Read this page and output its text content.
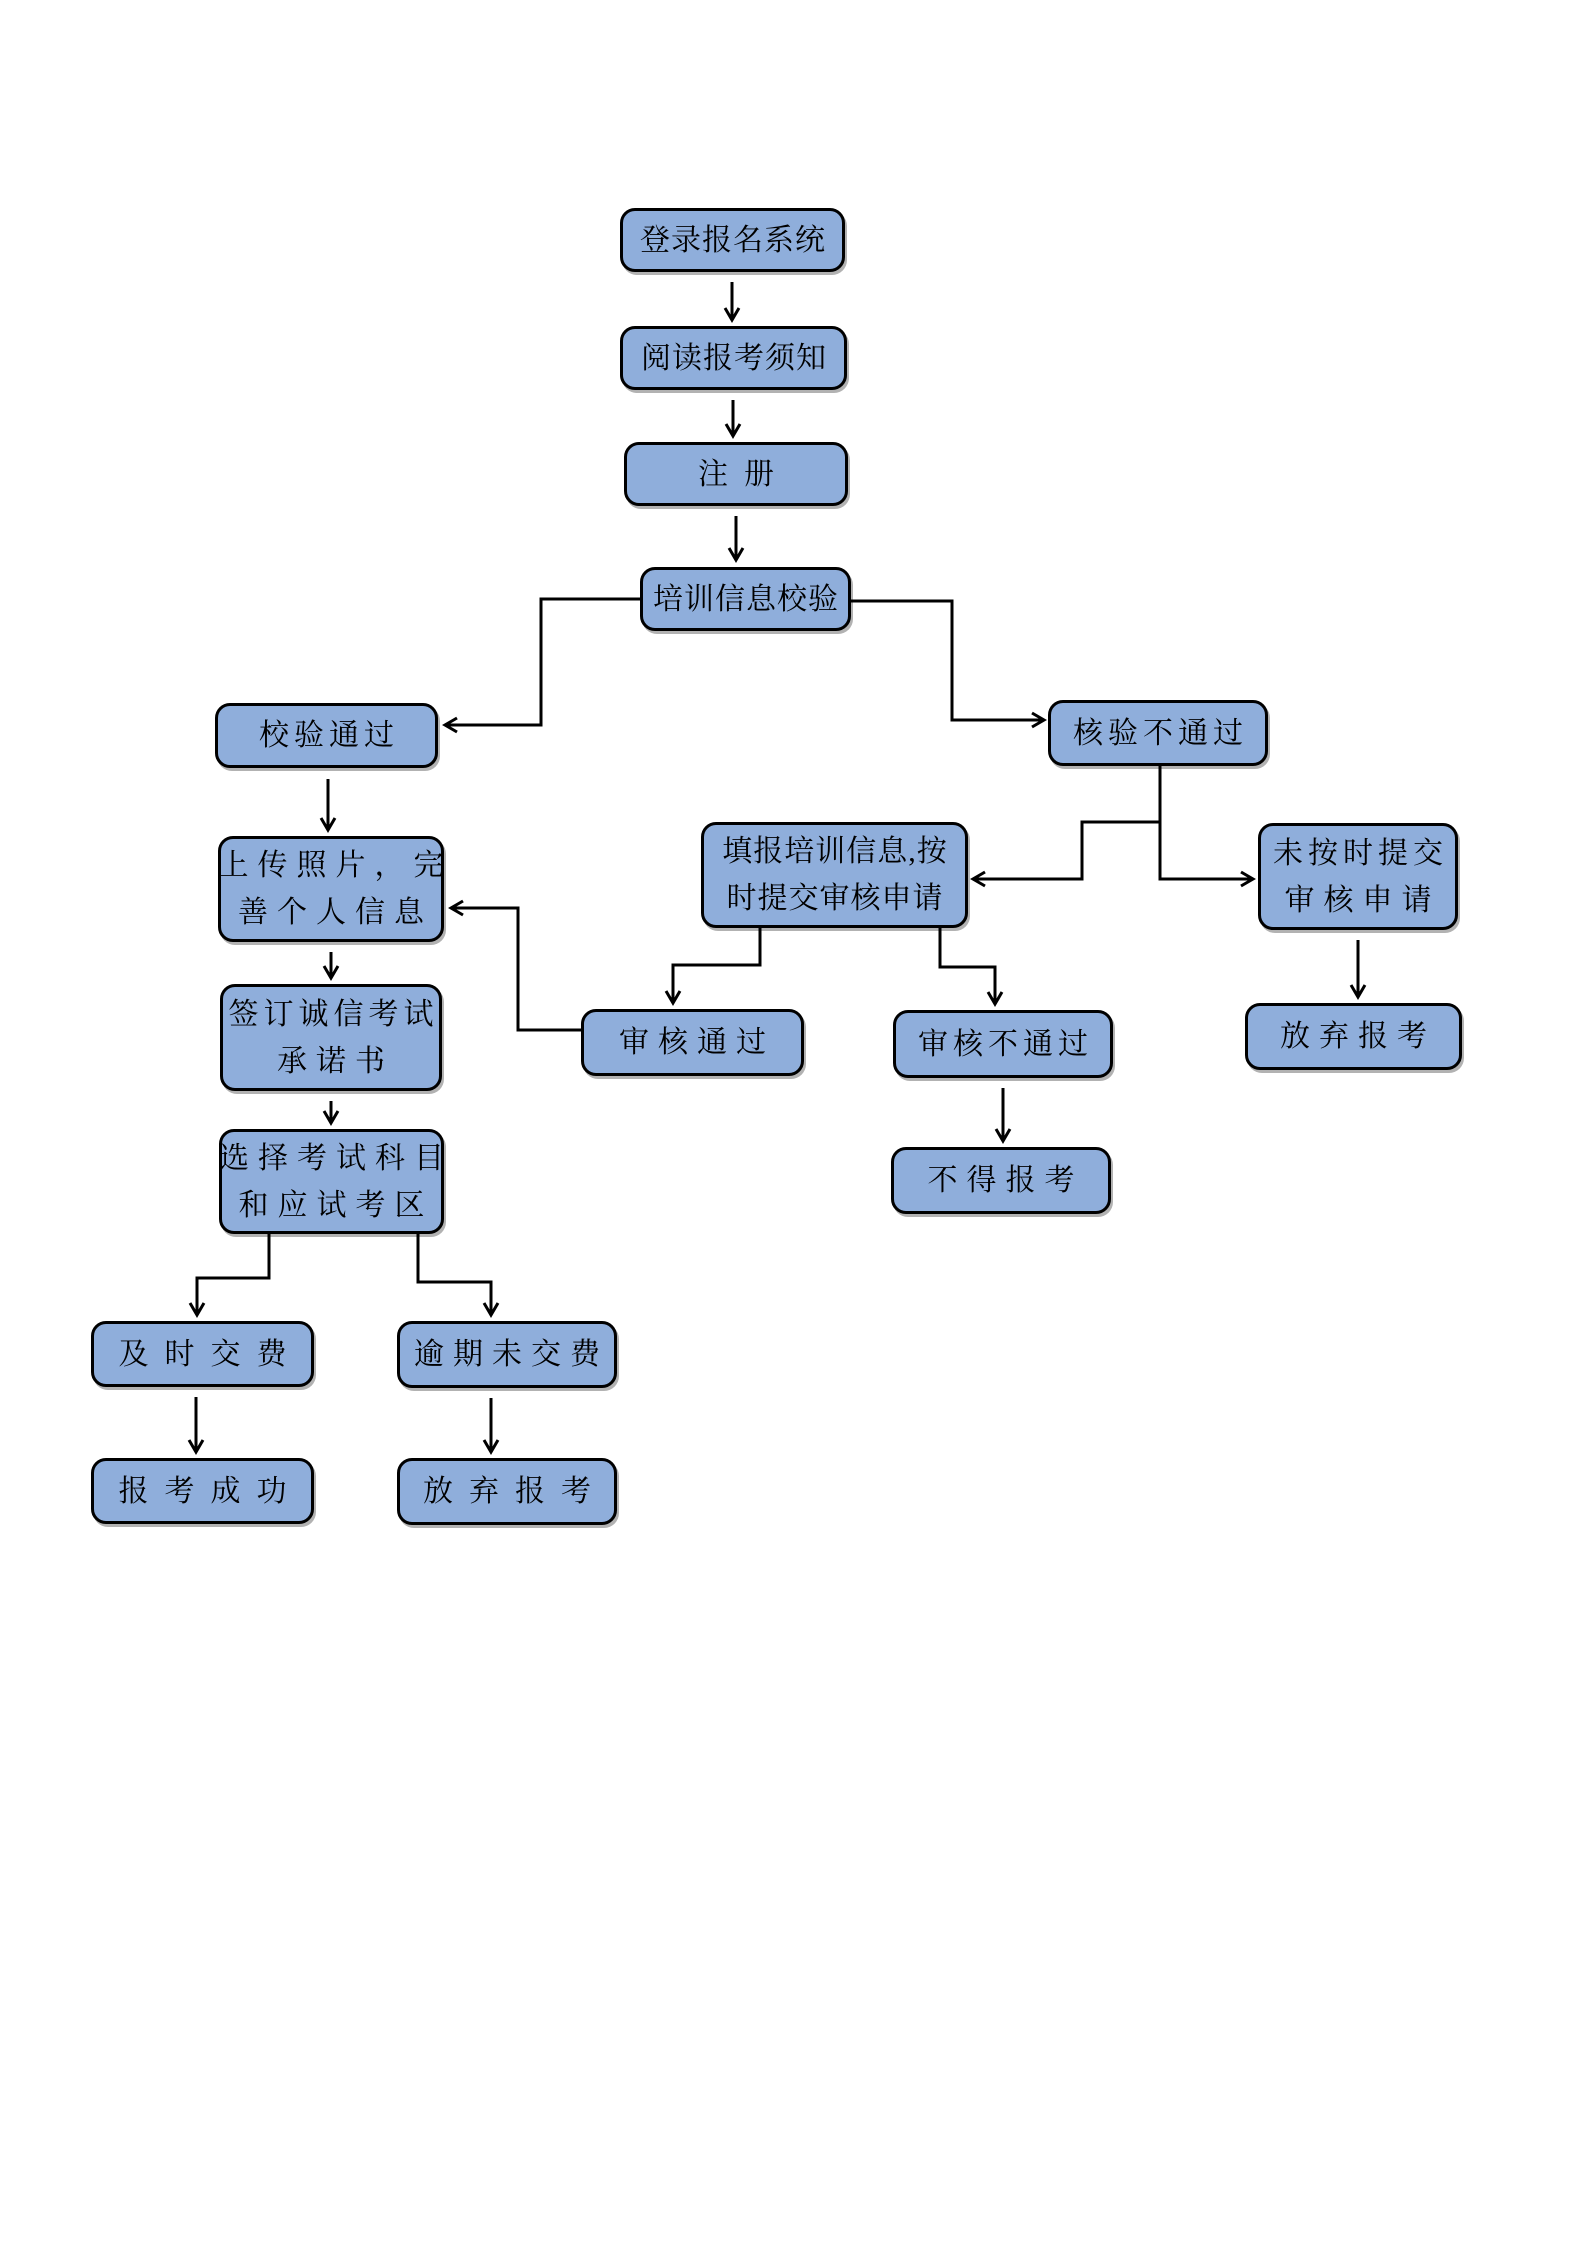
登录报名系统
阅读报考须知
注册
培训信息校验
校验通过	核验不通过
上传照片，完
善个人信息
签订诚信考试
承诺书
选择考试科目
和应试考区
及时交费	逾期未交费
报考成功	放弃报考
填报培训信息,按
时提交审核申请
未按时提交
审核申请
审核通过	审核不通过	放弃报考
不得报考
